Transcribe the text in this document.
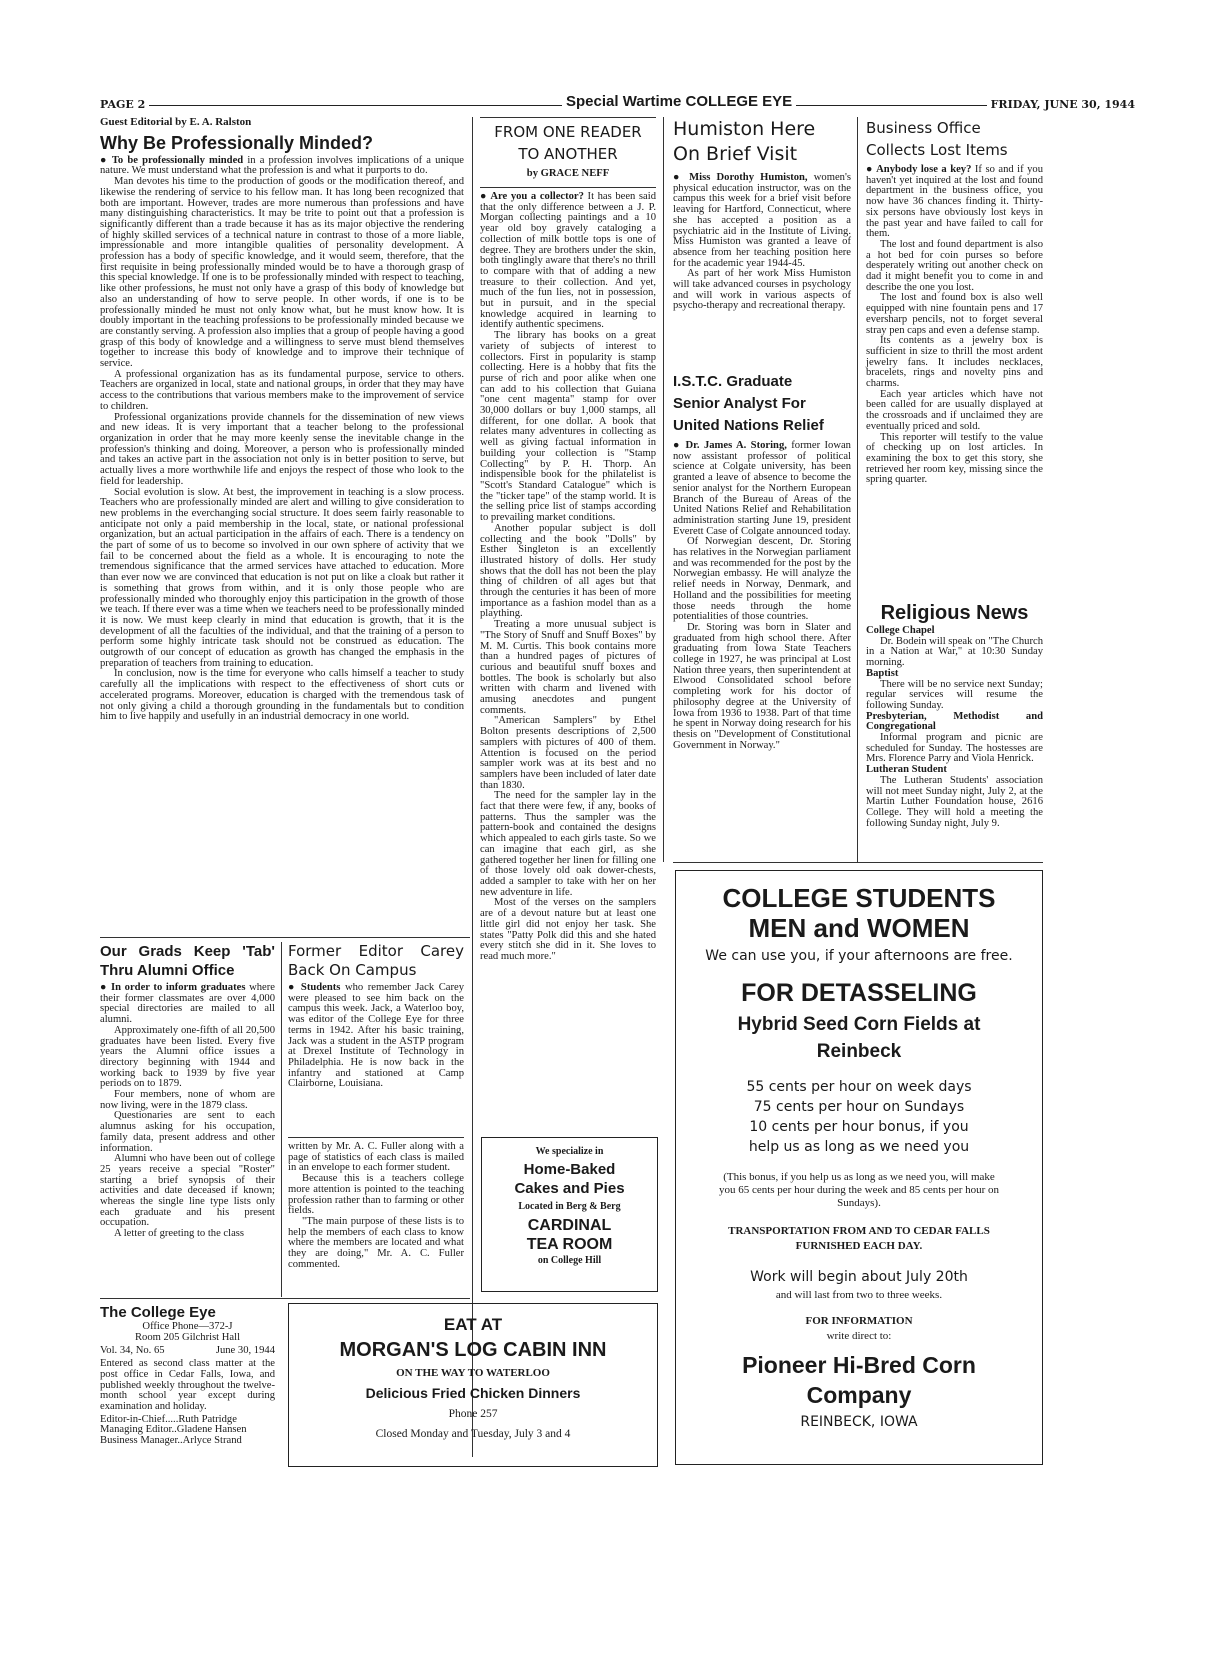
PAGE 2	Special Wartime COLLEGE EYE	FRIDAY, JUNE 30, 1944
Guest Editorial by E. A. Ralston
Why Be Professionally Minded?

● To be professionally minded in a profession involves implications of a unique nature. We must understand what the profession is and what it purports to do.

Man devotes his time to the production of goods or the modification thereof, and likewise the rendering of service to his fellow man. It has long been recognized that both are important. However, trades are more numerous than professions and have many distinguishing characteristics. It may be trite to point out that a profession is significantly different than a trade because it has as its major objective the rendering of highly skilled services of a technical nature in contrast to those of a more liable, impressionable and more intangible qualities of personality development. A profession has a body of specific knowledge, and it would seem, therefore, that the first requisite in being professionally minded would be to have a thorough grasp of this special knowledge. If one is to be professionally minded with respect to teaching, like other professions, he must not only have a grasp of this body of knowledge but also an understanding of how to serve people. In other words, if one is to be professionally minded he must not only know what, but he must know how. It is doubly important in the teaching professions to be professionally minded because we are constantly serving. A profession also implies that a group of people having a good grasp of this body of knowledge and a willingness to serve must blend themselves together to increase this body of knowledge and to improve their technique of service.

A professional organization has as its fundamental purpose, service to others. Teachers are organized in local, state and national groups, in order that they may have access to the contributions that various members make to the improvement of service to children.

Professional organizations provide channels for the dissemination of new views and new ideas. It is very important that a teacher belong to the professional organization in order that he may more keenly sense the inevitable change in the profession's thinking and doing. Moreover, a person who is professionally minded and takes an active part in the association not only is in better position to serve, but actually lives a more worthwhile life and enjoys the respect of those who look to the field for leadership.

Social evolution is slow. At best, the improvement in teaching is a slow process. Teachers who are professionally minded are alert and willing to give consideration to new problems in the everchanging social structure. It does seem fairly reasonable to anticipate not only a paid membership in the local, state, or national professional organization, but an actual participation in the affairs of each. There is a tendency on the part of some of us to become so involved in our own sphere of activity that we fail to be concerned about the field as a whole. It is encouraging to note the tremendous significance that the armed services have attached to education. More than ever now we are convinced that education is not put on like a cloak but rather it is something that grows from within, and it is only those people who are professionally minded who thoroughly enjoy this participation in the growth of those we teach. If there ever was a time when we teachers need to be professionally minded it is now. We must keep clearly in mind that education is growth, that it is the development of all the faculties of the individual, and that the training of a person to perform some highly intricate task should not be construed as education. The outgrowth of our concept of education as growth has changed the emphasis in the preparation of teachers from training to education.

In conclusion, now is the time for everyone who calls himself a teacher to study carefully all the implications with respect to the effectiveness of short cuts or accelerated programs. Moreover, education is charged with the tremendous task of not only giving a child a thorough grounding in the fundamentals but to condition him to live happily and usefully in an industrial democracy in one world.

Our Grads Keep 'Tab' Thru Alumni Office

● In order to inform graduates where their former classmates are over 4,000 special directories are mailed to all alumni.

Approximately one-fifth of all 20,500 graduates have been listed. Every five years the Alumni office issues a directory beginning with 1944 and working back to 1939 by five year periods on to 1879.

Four members, none of whom are now living, were in the 1879 class.

Questionaries are sent to each alumnus asking for his occupation, family data, present address and other information.

Alumni who have been out of college 25 years receive a special "Roster" starting a brief synopsis of their activities and date deceased if known; whereas the single line type lists only each graduate and his present occupation.

A letter of greeting to the class

Former Editor Carey Back On Campus

● Students who remember Jack Carey were pleased to see him back on the campus this week. Jack, a Waterloo boy, was editor of the College Eye for three terms in 1942. After his basic training, Jack was a student in the ASTP program at Drexel Institute of Technology in Philadelphia. He is now back in the infantry and stationed at Camp Clairborne, Louisiana.

written by Mr. A. C. Fuller along with a page of statistics of each class is mailed in an envelope to each former student.

Because this is a teachers college more attention is pointed to the teaching profession rather than to farming or other fields.

"The main purpose of these lists is to help the members of each class to know where the members are located and what they are doing," Mr. A. C. Fuller commented.

The College Eye
Office Phone—372-J
Room 205 Gilchrist Hall
Vol. 34, No. 65	June 30, 1944

Entered as second class matter at the post office in Cedar Falls, Iowa, and published weekly throughout the twelve-month school year except during examination and holiday.

Editor-in-Chief.....Ruth Patridge
Managing Editor..Gladene Hansen
Business Manager..Arlyce Strand
EAT AT
MORGAN'S LOG CABIN INN
ON THE WAY TO WATERLOO
Delicious Fried Chicken Dinners
Phone 257
Closed Monday and Tuesday, July 3 and 4
FROM ONE READER
TO ANOTHER
by GRACE NEFF

● Are you a collector? It has been said that the only difference between a J. P. Morgan collecting paintings and a 10 year old boy gravely cataloging a collection of milk bottle tops is one of degree. They are brothers under the skin, both tinglingly aware that there's no thrill to compare with that of adding a new treasure to their collection. And yet, much of the fun lies, not in possession, but in pursuit, and in the special knowledge acquired in learning to identify authentic specimens.

The library has books on a great variety of subjects of interest to collectors. First in popularity is stamp collecting. Here is a hobby that fits the purse of rich and poor alike when one can add to his collection that Guiana "one cent magenta" stamp for over 30,000 dollars or buy 1,000 stamps, all different, for one dollar. A book that relates many adventures in collecting as well as giving factual information in building your collection is "Stamp Collecting" by P. H. Thorp. An indispensible book for the philatelist is "Scott's Standard Catalogue" which is the "ticker tape" of the stamp world. It is the selling price list of stamps according to prevailing market conditions.

Another popular subject is doll collecting and the book "Dolls" by Esther Singleton is an excellently illustrated history of dolls. Her study shows that the doll has not been the play thing of children of all ages but that through the centuries it has been of more importance as a fashion model than as a plaything.

Treating a more unusual subject is "The Story of Snuff and Snuff Boxes" by M. M. Curtis. This book contains more than a hundred pages of pictures of curious and beautiful snuff boxes and bottles. The book is scholarly but also written with charm and livened with amusing anecdotes and pungent comments.

"American Samplers" by Ethel Bolton presents descriptions of 2,500 samplers with pictures of 400 of them. Attention is focused on the period sampler work was at its best and no samplers have been included of later date than 1830.

The need for the sampler lay in the fact that there were few, if any, books of patterns. Thus the sampler was the pattern-book and contained the designs which appealed to each girls taste. So we can imagine that each girl, as she gathered together her linen for filling one of those lovely old oak dower-chests, added a sampler to take with her on her new adventure in life.

Most of the verses on the samplers are of a devout nature but at least one little girl did not enjoy her task. She states "Patty Polk did this and she hated every stitch she did in it. She loves to read much more."

We specialize in
Home-Baked
Cakes and Pies
Located in Berg & Berg
CARDINAL
TEA ROOM
on College Hill
Humiston Here
On Brief Visit

● Miss Dorothy Humiston, women's physical education instructor, was on the campus this week for a brief visit before leaving for Hartford, Connecticut, where she has accepted a position as a psychiatric aid in the Institute of Living. Miss Humiston was granted a leave of absence from her teaching position here for the academic year 1944-45.

As part of her work Miss Humiston will take advanced courses in psychology and will work in various aspects of psycho-therapy and recreational therapy.

I.S.T.C. Graduate
Senior Analyst For
United Nations Relief

● Dr. James A. Storing, former Iowan now assistant professor of political science at Colgate university, has been granted a leave of absence to become the senior analyst for the Northern European Branch of the Bureau of Areas of the United Nations Relief and Rehabilitation administration starting June 19, president Everett Case of Colgate announced today.

Of Norwegian descent, Dr. Storing has relatives in the Norwegian parliament and was recommended for the post by the Norwegian embassy. He will analyze the relief needs in Norway, Denmark, and Holland and the possibilities for meeting those needs through the home potentialities of those countries.

Dr. Storing was born in Slater and graduated from high school there. After graduating from Iowa State Teachers college in 1927, he was principal at Lost Nation three years, then superintendent at Elwood Consolidated school before completing work for his doctor of philosophy degree at the University of Iowa from 1936 to 1938. Part of that time he spent in Norway doing research for his thesis on "Development of Constitutional Government in Norway."

Business Office
Collects Lost Items

● Anybody lose a key? If so and if you haven't yet inquired at the lost and found department in the business office, you now have 36 chances finding it. Thirty-six persons have obviously lost keys in the past year and have failed to call for them.

The lost and found department is also a hot bed for coin purses so before desperately writing out another check on dad it might benefit you to come in and describe the one you lost.

The lost and found box is also well equipped with nine fountain pens and 17 eversharp pencils, not to forget several stray pen caps and even a defense stamp.

Its contents as a jewelry box is sufficient in size to thrill the most ardent jewelry fans. It includes necklaces, bracelets, rings and novelty pins and charms.

Each year articles which have not been called for are usually displayed at the crossroads and if unclaimed they are eventually priced and sold.

This reporter will testify to the value of checking up on lost articles. In examining the box to get this story, she retrieved her room key, missing since the spring quarter.

Religious News
College Chapel

Dr. Bodein will speak on "The Church in a Nation at War," at 10:30 Sunday morning.

Baptist

There will be no service next Sunday; regular services will resume the following Sunday.

Presbyterian, Methodist and Congregational

Informal program and picnic are scheduled for Sunday. The hostesses are Mrs. Florence Parry and Viola Henrick.

Lutheran Student

The Lutheran Students' association will not meet Sunday night, July 2, at the Martin Luther Foundation house, 2616 College. They will hold a meeting the following Sunday night, July 9.

COLLEGE STUDENTS
MEN and WOMEN
We can use you, if your afternoons are free.
FOR DETASSELING
Hybrid Seed Corn Fields at
Reinbeck
55 cents per hour on week days
75 cents per hour on Sundays
10 cents per hour bonus, if you
help us as long as we need you
(This bonus, if you help us as long as we need you, will make you 65 cents per hour during the week and 85 cents per hour on Sundays).
TRANSPORTATION FROM AND TO CEDAR FALLS
FURNISHED EACH DAY.
Work will begin about July 20th
and will last from two to three weeks.
FOR INFORMATION
write direct to:
Pioneer Hi-Bred Corn
Company
REINBECK, IOWA
